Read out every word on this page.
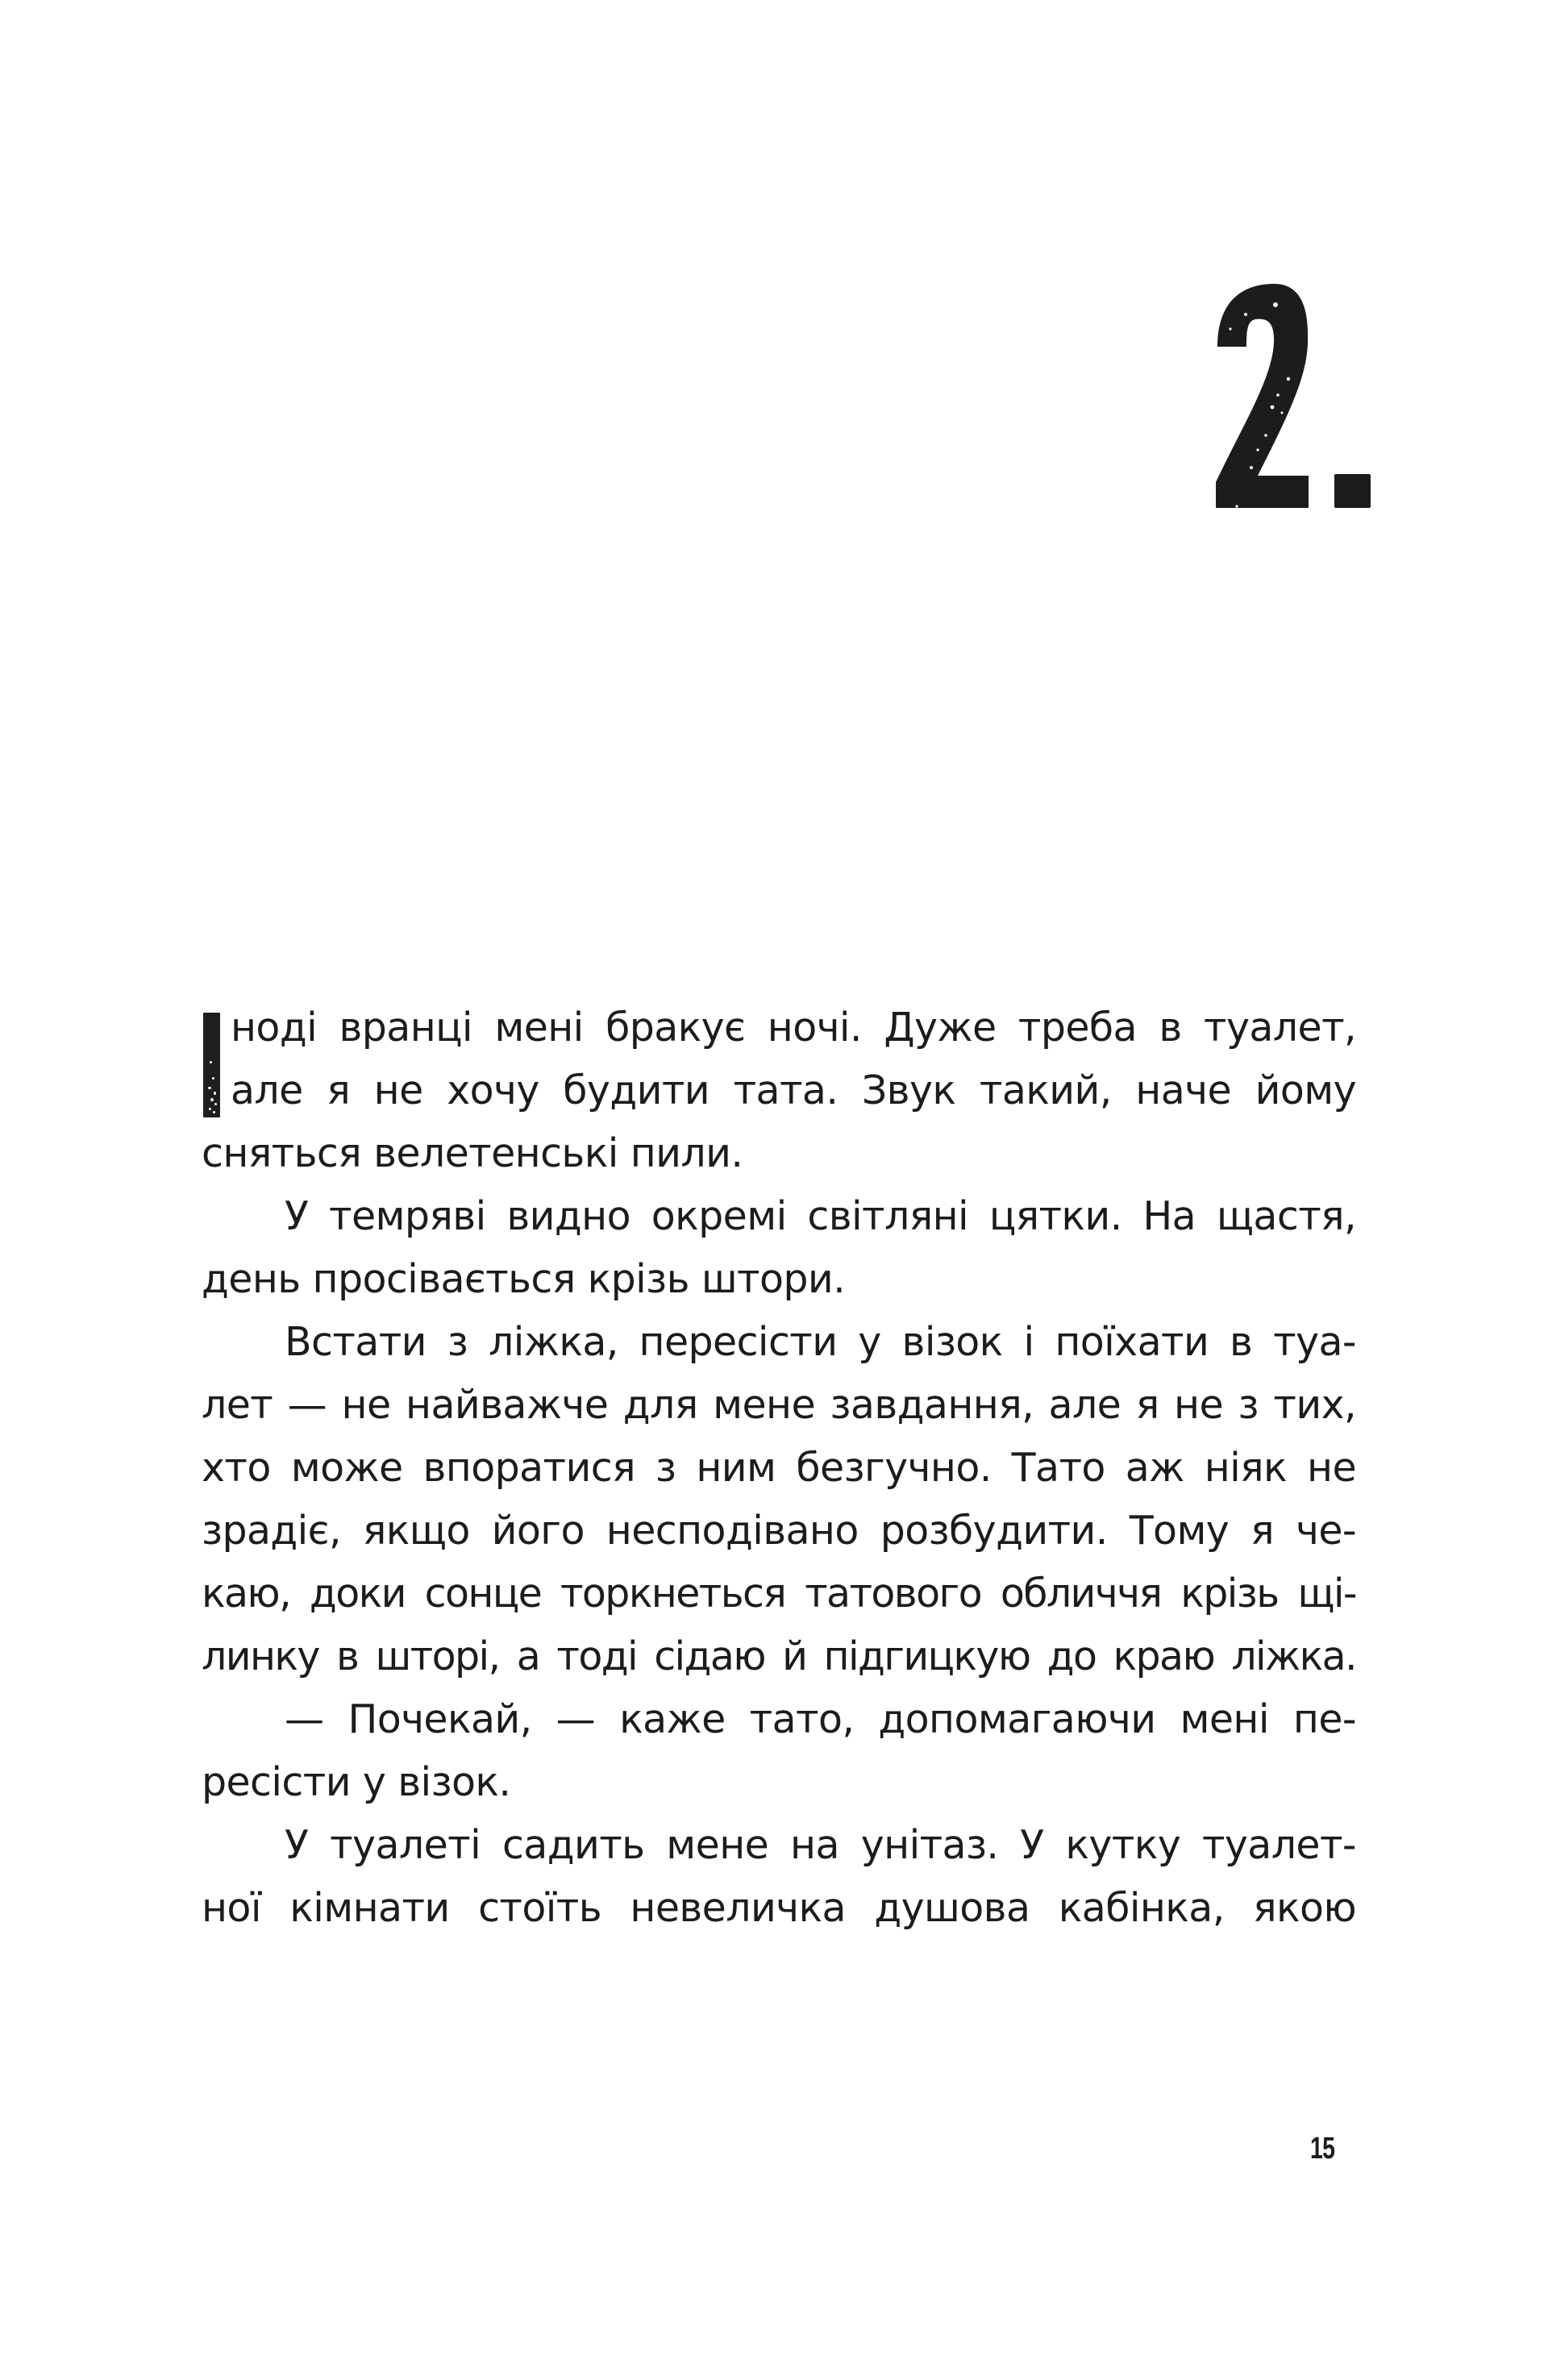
ноді вранці мені бракує ночі. Дуже треба в туалет,
але я не хочу будити тата. Звук такий, наче йому
сняться велетенські пили.
У темряві видно окремі світляні цятки. На щастя,
день просівається крізь штори.
Встати з ліжка, пересісти у візок і поїхати в туа-
лет — не найважче для мене завдання, але я не з тих,
хто може впоратися з ним безгучно. Тато аж ніяк не
зрадіє, якщо його несподівано розбудити. Тому я че-
каю, доки сонце торкнеться татового обличчя крізь щі-
линку в шторі, а тоді сідаю й підгицкую до краю ліжка.
— Почекай, — каже тато, допомагаючи мені пе-
ресісти у візок.
У туалеті садить мене на унітаз. У кутку туалет-
ної кімнати стоїть невеличка душова кабінка, якою
15
